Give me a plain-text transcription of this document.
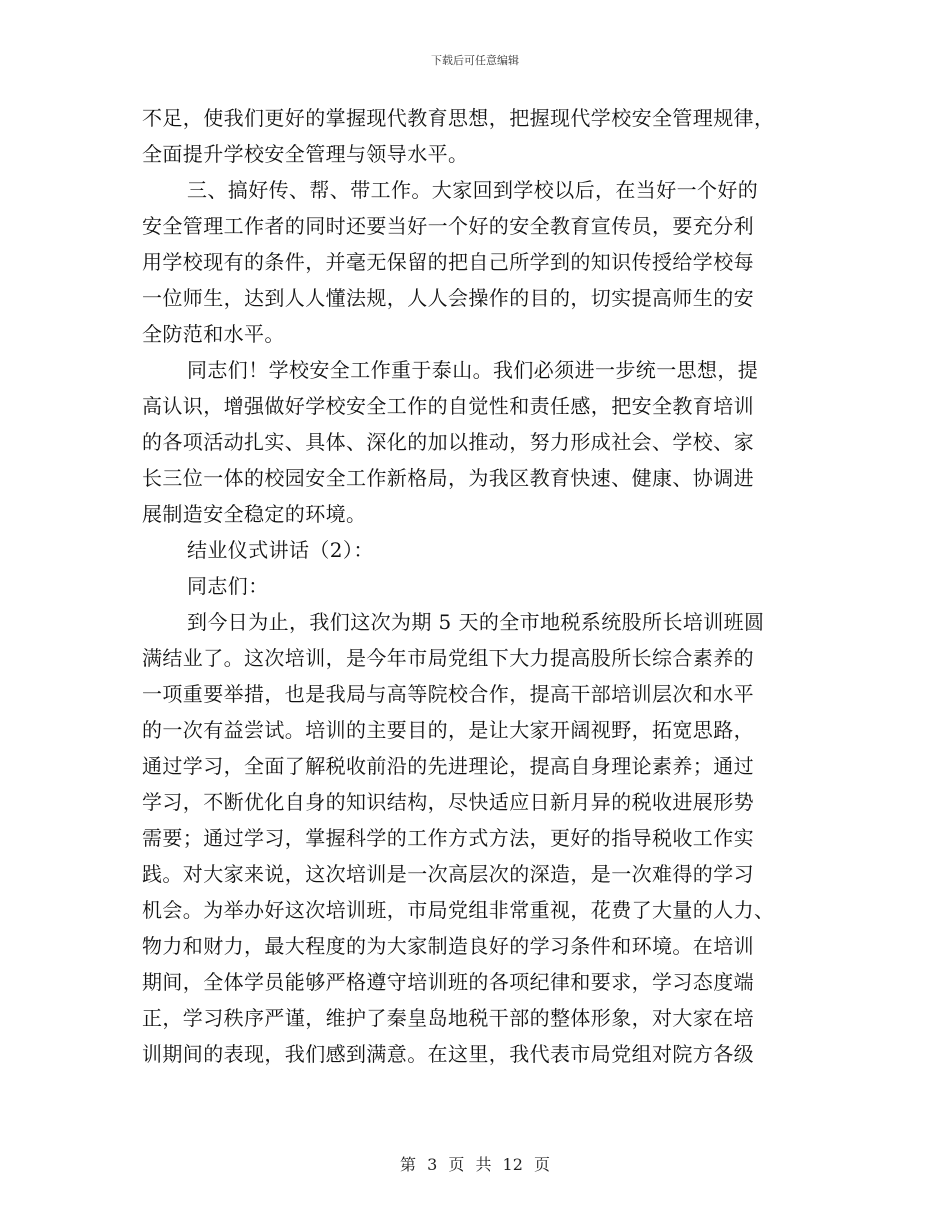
下载后可任意编辑
不足，使我们更好的掌握现代教育思想，把握现代学校安全管理规律，
全面提升学校安全管理与领导水平。
三、搞好传、帮、带工作。大家回到学校以后，在当好一个好的
安全管理工作者的同时还要当好一个好的安全教育宣传员，要充分利
用学校现有的条件，并毫无保留的把自己所学到的知识传授给学校每
一位师生，达到人人懂法规，人人会操作的目的，切实提高师生的安
全防范和水平。
同志们！学校安全工作重于泰山。我们必须进一步统一思想，提
高认识，增强做好学校安全工作的自觉性和责任感，把安全教育培训
的各项活动扎实、具体、深化的加以推动，努力形成社会、学校、家
长三位一体的校园安全工作新格局，为我区教育快速、健康、协调进
展制造安全稳定的环境。
结业仪式讲话（2）：
同志们：
到今日为止，我们这次为期 5 天的全市地税系统股所长培训班圆
满结业了。这次培训，是今年市局党组下大力提高股所长综合素养的
一项重要举措，也是我局与高等院校合作，提高干部培训层次和水平
的一次有益尝试。培训的主要目的，是让大家开阔视野，拓宽思路，
通过学习，全面了解税收前沿的先进理论，提高自身理论素养；通过
学习，不断优化自身的知识结构，尽快适应日新月异的税收进展形势
需要；通过学习，掌握科学的工作方式方法，更好的指导税收工作实
践。对大家来说，这次培训是一次高层次的深造，是一次难得的学习
机会。为举办好这次培训班，市局党组非常重视，花费了大量的人力、
物力和财力，最大程度的为大家制造良好的学习条件和环境。在培训
期间，全体学员能够严格遵守培训班的各项纪律和要求，学习态度端
正，学习秩序严谨，维护了秦皇岛地税干部的整体形象，对大家在培
训期间的表现，我们感到满意。在这里，我代表市局党组对院方各级
第 3 页 共 12 页
